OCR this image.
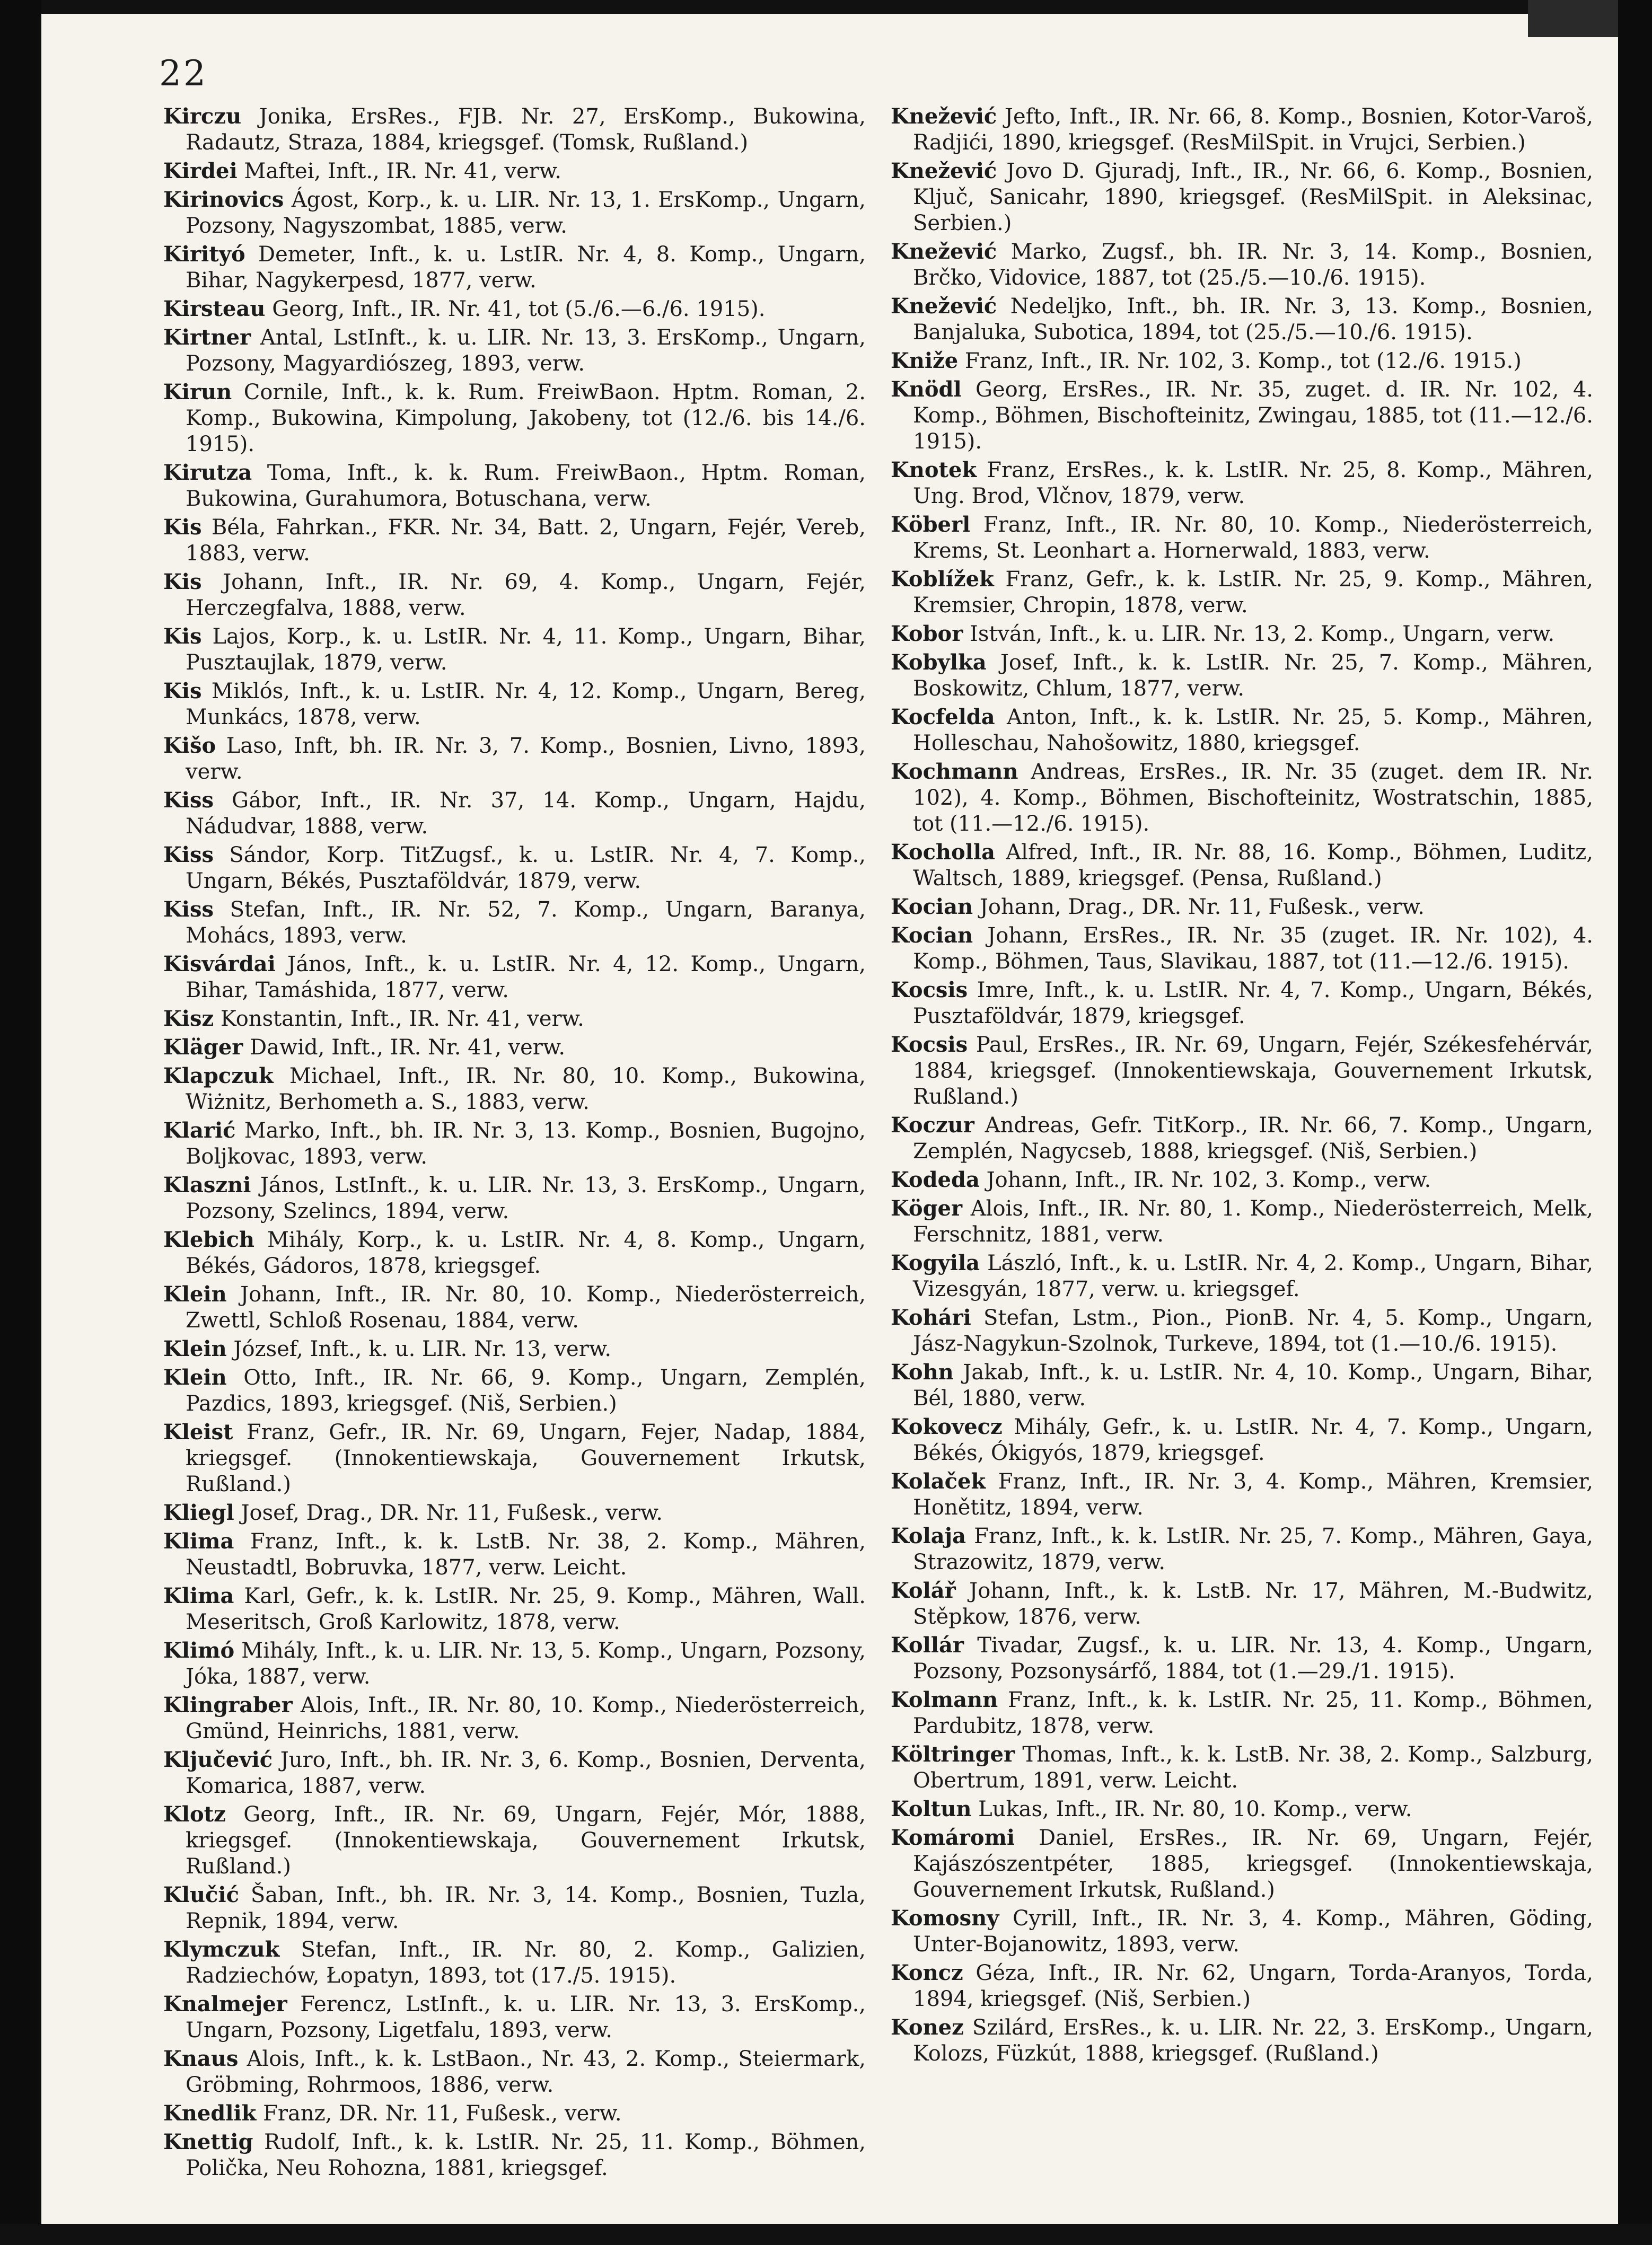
22

Kirczu Jonika, ErsRes., FJB. Nr. 27, ErsKomp., Bukowina, Radautz, Straza, 1884, kriegsgef. (Tomsk, Rußland.)

Kirdei Maftei, Inft., IR. Nr. 41, verw.

Kirinovics Ágost, Korp., k. u. LIR. Nr. 13, 1. ErsKomp., Ungarn, Pozsony, Nagyszombat, 1885, verw.

Kirityó Demeter, Inft., k. u. LstIR. Nr. 4, 8. Komp., Ungarn, Bihar, Nagykerpesd, 1877, verw.

Kirsteau Georg, Inft., IR. Nr. 41, tot (5./6.—6./6. 1915).

Kirtner Antal, LstInft., k. u. LIR. Nr. 13, 3. ErsKomp., Ungarn, Pozsony, Magyardiószeg, 1893, verw.

Kirun Cornile, Inft., k. k. Rum. FreiwBaon. Hptm. Roman, 2. Komp., Bukowina, Kimpolung, Jakobeny, tot (12./6. bis 14./6. 1915).

Kirutza Toma, Inft., k. k. Rum. FreiwBaon., Hptm. Roman, Bukowina, Gurahumora, Botuschana, verw.

Kis Béla, Fahrkan., FKR. Nr. 34, Batt. 2, Ungarn, Fejér, Vereb, 1883, verw.

Kis Johann, Inft., IR. Nr. 69, 4. Komp., Ungarn, Fejér, Herczegfalva, 1888, verw.

Kis Lajos, Korp., k. u. LstIR. Nr. 4, 11. Komp., Ungarn, Bihar, Pusztaujlak, 1879, verw.

Kis Miklós, Inft., k. u. LstIR. Nr. 4, 12. Komp., Ungarn, Bereg, Munkács, 1878, verw.

Kišo Laso, Inft, bh. IR. Nr. 3, 7. Komp., Bosnien, Livno, 1893, verw.

Kiss Gábor, Inft., IR. Nr. 37, 14. Komp., Ungarn, Hajdu, Nádudvar, 1888, verw.

Kiss Sándor, Korp. TitZugsf., k. u. LstIR. Nr. 4, 7. Komp., Ungarn, Békés, Pusztaföldvár, 1879, verw.

Kiss Stefan, Inft., IR. Nr. 52, 7. Komp., Ungarn, Baranya, Mohács, 1893, verw.

Kisvárdai János, Inft., k. u. LstIR. Nr. 4, 12. Komp., Ungarn, Bihar, Tamáshida, 1877, verw.

Kisz Konstantin, Inft., IR. Nr. 41, verw.

Kläger Dawid, Inft., IR. Nr. 41, verw.

Klapczuk Michael, Inft., IR. Nr. 80, 10. Komp., Bukowina, Wiżnitz, Berhometh a. S., 1883, verw.

Klarić Marko, Inft., bh. IR. Nr. 3, 13. Komp., Bosnien, Bugojno, Boljkovac, 1893, verw.

Klaszni János, LstInft., k. u. LIR. Nr. 13, 3. ErsKomp., Ungarn, Pozsony, Szelincs, 1894, verw.

Klebich Mihály, Korp., k. u. LstIR. Nr. 4, 8. Komp., Ungarn, Békés, Gádoros, 1878, kriegsgef.

Klein Johann, Inft., IR. Nr. 80, 10. Komp., Niederösterreich, Zwettl, Schloß Rosenau, 1884, verw.

Klein József, Inft., k. u. LIR. Nr. 13, verw.

Klein Otto, Inft., IR. Nr. 66, 9. Komp., Ungarn, Zemplén, Pazdics, 1893, kriegsgef. (Niš, Serbien.)

Kleist Franz, Gefr., IR. Nr. 69, Ungarn, Fejer, Nadap, 1884, kriegsgef. (Innokentiewskaja, Gouvernement Irkutsk, Rußland.)

Kliegl Josef, Drag., DR. Nr. 11, Fußesk., verw.

Klima Franz, Inft., k. k. LstB. Nr. 38, 2. Komp., Mähren, Neustadtl, Bobruvka, 1877, verw. Leicht.

Klima Karl, Gefr., k. k. LstIR. Nr. 25, 9. Komp., Mähren, Wall. Meseritsch, Groß Karlowitz, 1878, verw.

Klimó Mihály, Inft., k. u. LIR. Nr. 13, 5. Komp., Ungarn, Pozsony, Jóka, 1887, verw.

Klingraber Alois, Inft., IR. Nr. 80, 10. Komp., Niederösterreich, Gmünd, Heinrichs, 1881, verw.

Ključević Juro, Inft., bh. IR. Nr. 3, 6. Komp., Bosnien, Derventa, Komarica, 1887, verw.

Klotz Georg, Inft., IR. Nr. 69, Ungarn, Fejér, Mór, 1888, kriegsgef. (Innokentiewskaja, Gouvernement Irkutsk, Rußland.)

Klučić Šaban, Inft., bh. IR. Nr. 3, 14. Komp., Bosnien, Tuzla, Repnik, 1894, verw.

Klymczuk Stefan, Inft., IR. Nr. 80, 2. Komp., Galizien, Radziechów, Łopatyn, 1893, tot (17./5. 1915).

Knalmejer Ferencz, LstInft., k. u. LIR. Nr. 13, 3. ErsKomp., Ungarn, Pozsony, Ligetfalu, 1893, verw.

Knaus Alois, Inft., k. k. LstBaon., Nr. 43, 2. Komp., Steiermark, Gröbming, Rohrmoos, 1886, verw.

Knedlik Franz, DR. Nr. 11, Fußesk., verw.

Knettig Rudolf, Inft., k. k. LstIR. Nr. 25, 11. Komp., Böhmen, Polička, Neu Rohozna, 1881, kriegsgef.

Knežević Jefto, Inft., IR. Nr. 66, 8. Komp., Bosnien, Kotor-Varoš, Radjići, 1890, kriegsgef. (ResMilSpit. in Vrujci, Serbien.)

Knežević Jovo D. Gjuradj, Inft., IR., Nr. 66, 6. Komp., Bosnien, Ključ, Sanicahr, 1890, kriegsgef. (ResMilSpit. in Aleksinac, Serbien.)

Knežević Marko, Zugsf., bh. IR. Nr. 3, 14. Komp., Bosnien, Brčko, Vidovice, 1887, tot (25./5.—10./6. 1915).

Knežević Nedeljko, Inft., bh. IR. Nr. 3, 13. Komp., Bosnien, Banjaluka, Subotica, 1894, tot (25./5.—10./6. 1915).

Kniže Franz, Inft., IR. Nr. 102, 3. Komp., tot (12./6. 1915.)

Knödl Georg, ErsRes., IR. Nr. 35, zuget. d. IR. Nr. 102, 4. Komp., Böhmen, Bischofteinitz, Zwingau, 1885, tot (11.—12./6. 1915).

Knotek Franz, ErsRes., k. k. LstIR. Nr. 25, 8. Komp., Mähren, Ung. Brod, Vlčnov, 1879, verw.

Köberl Franz, Inft., IR. Nr. 80, 10. Komp., Niederösterreich, Krems, St. Leonhart a. Hornerwald, 1883, verw.

Koblížek Franz, Gefr., k. k. LstIR. Nr. 25, 9. Komp., Mähren, Kremsier, Chropin, 1878, verw.

Kobor István, Inft., k. u. LIR. Nr. 13, 2. Komp., Ungarn, verw.

Kobylka Josef, Inft., k. k. LstIR. Nr. 25, 7. Komp., Mähren, Boskowitz, Chlum, 1877, verw.

Kocfelda Anton, Inft., k. k. LstIR. Nr. 25, 5. Komp., Mähren, Holleschau, Nahošowitz, 1880, kriegsgef.

Kochmann Andreas, ErsRes., IR. Nr. 35 (zuget. dem IR. Nr. 102), 4. Komp., Böhmen, Bischofteinitz, Wostratschin, 1885, tot (11.—12./6. 1915).

Kocholla Alfred, Inft., IR. Nr. 88, 16. Komp., Böhmen, Luditz, Waltsch, 1889, kriegsgef. (Pensa, Rußland.)

Kocian Johann, Drag., DR. Nr. 11, Fußesk., verw.

Kocian Johann, ErsRes., IR. Nr. 35 (zuget. IR. Nr. 102), 4. Komp., Böhmen, Taus, Slavikau, 1887, tot (11.—12./6. 1915).

Kocsis Imre, Inft., k. u. LstIR. Nr. 4, 7. Komp., Ungarn, Békés, Pusztaföldvár, 1879, kriegsgef.

Kocsis Paul, ErsRes., IR. Nr. 69, Ungarn, Fejér, Székesfehérvár, 1884, kriegsgef. (Innokentiewskaja, Gouvernement Irkutsk, Rußland.)

Koczur Andreas, Gefr. TitKorp., IR. Nr. 66, 7. Komp., Ungarn, Zemplén, Nagycseb, 1888, kriegsgef. (Niš, Serbien.)

Kodeda Johann, Inft., IR. Nr. 102, 3. Komp., verw.

Köger Alois, Inft., IR. Nr. 80, 1. Komp., Niederösterreich, Melk, Ferschnitz, 1881, verw.

Kogyila László, Inft., k. u. LstIR. Nr. 4, 2. Komp., Ungarn, Bihar, Vizesgyán, 1877, verw. u. kriegsgef.

Kohári Stefan, Lstm., Pion., PionB. Nr. 4, 5. Komp., Ungarn, Jász-Nagykun-Szolnok, Turkeve, 1894, tot (1.—10./6. 1915).

Kohn Jakab, Inft., k. u. LstIR. Nr. 4, 10. Komp., Ungarn, Bihar, Bél, 1880, verw.

Kokovecz Mihály, Gefr., k. u. LstIR. Nr. 4, 7. Komp., Ungarn, Békés, Ókigyós, 1879, kriegsgef.

Kolaček Franz, Inft., IR. Nr. 3, 4. Komp., Mähren, Kremsier, Honětitz, 1894, verw.

Kolaja Franz, Inft., k. k. LstIR. Nr. 25, 7. Komp., Mähren, Gaya, Strazowitz, 1879, verw.

Kolář Johann, Inft., k. k. LstB. Nr. 17, Mähren, M.-Budwitz, Stěpkow, 1876, verw.

Kollár Tivadar, Zugsf., k. u. LIR. Nr. 13, 4. Komp., Ungarn, Pozsony, Pozsonysárfő, 1884, tot (1.—29./1. 1915).

Kolmann Franz, Inft., k. k. LstIR. Nr. 25, 11. Komp., Böhmen, Pardubitz, 1878, verw.

Költringer Thomas, Inft., k. k. LstB. Nr. 38, 2. Komp., Salzburg, Obertrum, 1891, verw. Leicht.

Koltun Lukas, Inft., IR. Nr. 80, 10. Komp., verw.

Komáromi Daniel, ErsRes., IR. Nr. 69, Ungarn, Fejér, Kajászószentpéter, 1885, kriegsgef. (Innokentiewskaja, Gouvernement Irkutsk, Rußland.)

Komosny Cyrill, Inft., IR. Nr. 3, 4. Komp., Mähren, Göding, Unter-Bojanowitz, 1893, verw.

Koncz Géza, Inft., IR. Nr. 62, Ungarn, Torda-Aranyos, Torda, 1894, kriegsgef. (Niš, Serbien.)

Konez Szilárd, ErsRes., k. u. LIR. Nr. 22, 3. ErsKomp., Ungarn, Kolozs, Füzkút, 1888, kriegsgef. (Rußland.)
